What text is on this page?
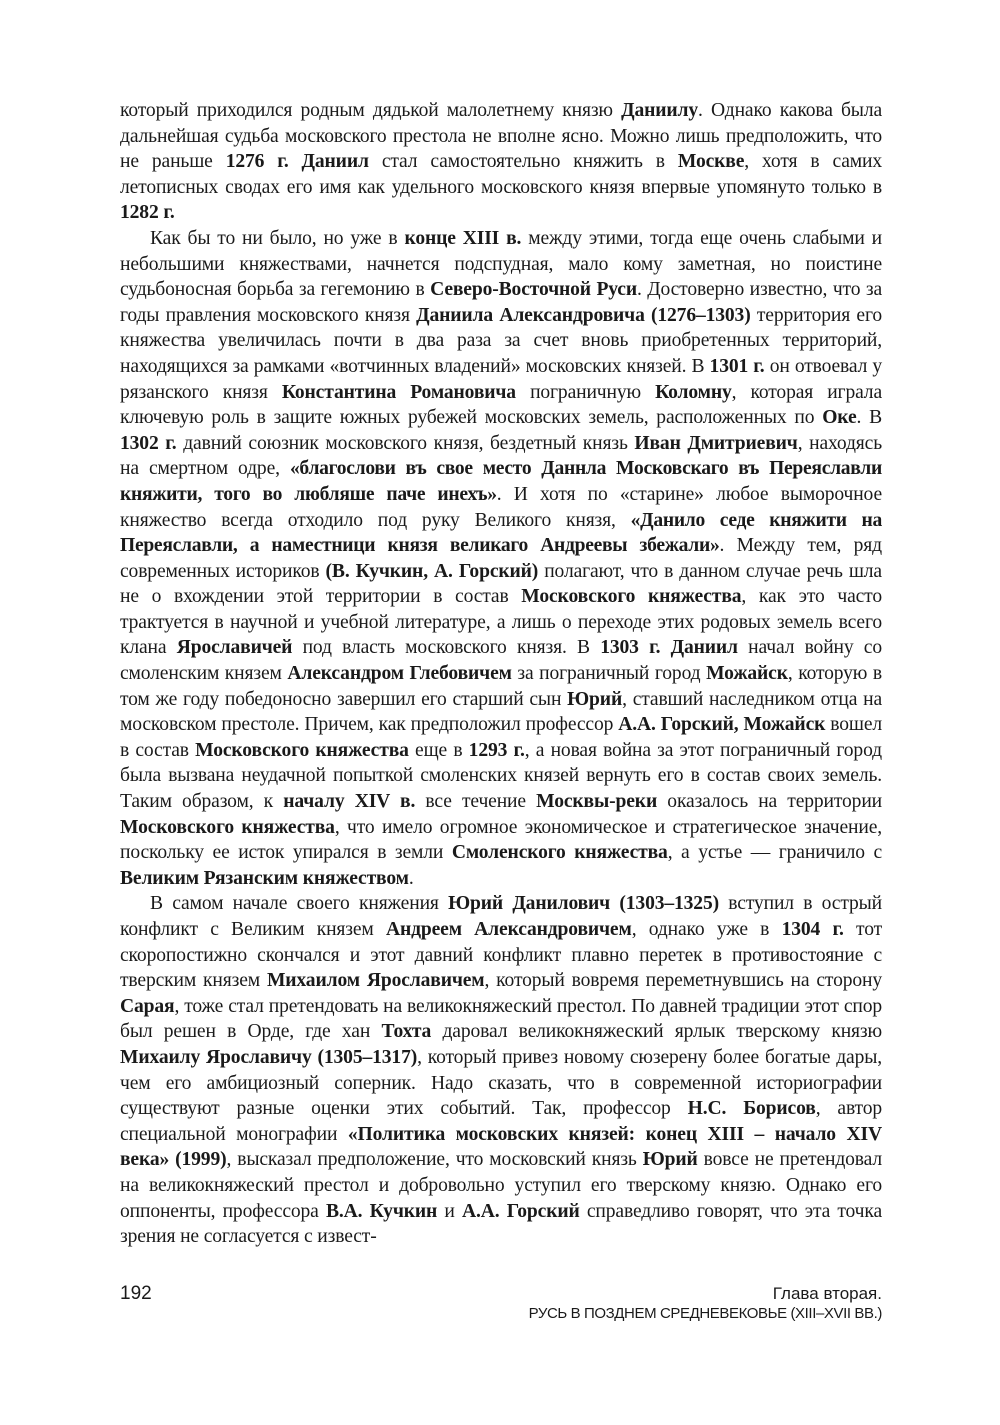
который приходился родным дядькой малолетнему князю Даниилу. Однако какова была дальнейшая судьба московского престола не вполне ясно. Можно лишь предположить, что не раньше 1276 г. Даниил стал самостоятельно княжить в Москве, хотя в самих летописных сводах его имя как удельного московского князя впервые упомянуто только в 1282 г.

Как бы то ни было, но уже в конце XIII в. между этими, тогда еще очень слабыми и небольшими княжествами, начнется подспудная, мало кому заметная, но поистине судьбоносная борьба за гегемонию в Северо-Восточной Руси. Достоверно известно, что за годы правления московского князя Даниила Александровича (1276–1303) территория его княжества увеличилась почти в два раза за счет вновь приобретенных территорий, находящихся за рамками «вотчинных владений» московских князей. В 1301 г. он отвоевал у рязанского князя Константина Романовича пограничную Коломну, которая играла ключевую роль в защите южных рубежей московских земель, расположенных по Оке. В 1302 г. давний союзник московского князя, бездетный князь Иван Дмитриевич, находясь на смертном одре, «благослови въ свое место Даннла Московскаго въ Переяславли княжити, того во любляше паче инехъ». И хотя по «старине» любое выморочное княжество всегда отходило под руку Великого князя, «Данило седе княжити на Переяславли, а наместници князя великаго Андреевы збежали». Между тем, ряд современных историков (В. Кучкин, А. Горский) полагают, что в данном случае речь шла не о вхождении этой территории в состав Московского княжества, как это часто трактуется в научной и учебной литературе, а лишь о переходе этих родовых земель всего клана Ярославичей под власть московского князя. В 1303 г. Даниил начал войну со смоленским князем Александром Глебовичем за пограничный город Можайск, которую в том же году победоносно завершил его старший сын Юрий, ставший наследником отца на московском престоле. Причем, как предположил профессор А.А. Горский, Можайск вошел в состав Московского княжества еще в 1293 г., а новая война за этот пограничный город была вызвана неудачной попыткой смоленских князей вернуть его в состав своих земель. Таким образом, к началу XIV в. все течение Москвы-реки оказалось на территории Московского княжества, что имело огромное экономическое и стратегическое значение, поскольку ее исток упирался в земли Смоленского княжества, а устье — граничило с Великим Рязанским княжеством.

В самом начале своего княжения Юрий Данилович (1303–1325) вступил в острый конфликт с Великим князем Андреем Александровичем, однако уже в 1304 г. тот скоропостижно скончался и этот давний конфликт плавно перетек в противостояние с тверским князем Михаилом Ярославичем, который вовремя переметнувшись на сторону Сарая, тоже стал претендовать на великокняжеский престол. По давней традиции этот спор был решен в Орде, где хан Тохта даровал великокняжеский ярлык тверскому князю Михаилу Ярославичу (1305–1317), который привез новому сюзерену более богатые дары, чем его амбициозный соперник. Надо сказать, что в современной историографии существуют разные оценки этих событий. Так, профессор Н.С. Борисов, автор специальной монографии «Политика московских князей: конец XIII – начало XIV века» (1999), высказал предположение, что московский князь Юрий вовсе не претендовал на великокняжеский престол и добровольно уступил его тверскому князю. Однако его оппоненты, профессора В.А. Кучкин и А.А. Горский справедливо говорят, что эта точка зрения не согласуется с извест-

192	Глава вторая.
РУСЬ В ПОЗДНЕМ СРЕДНЕВЕКОВЬЕ (XIII–XVII ВВ.)
